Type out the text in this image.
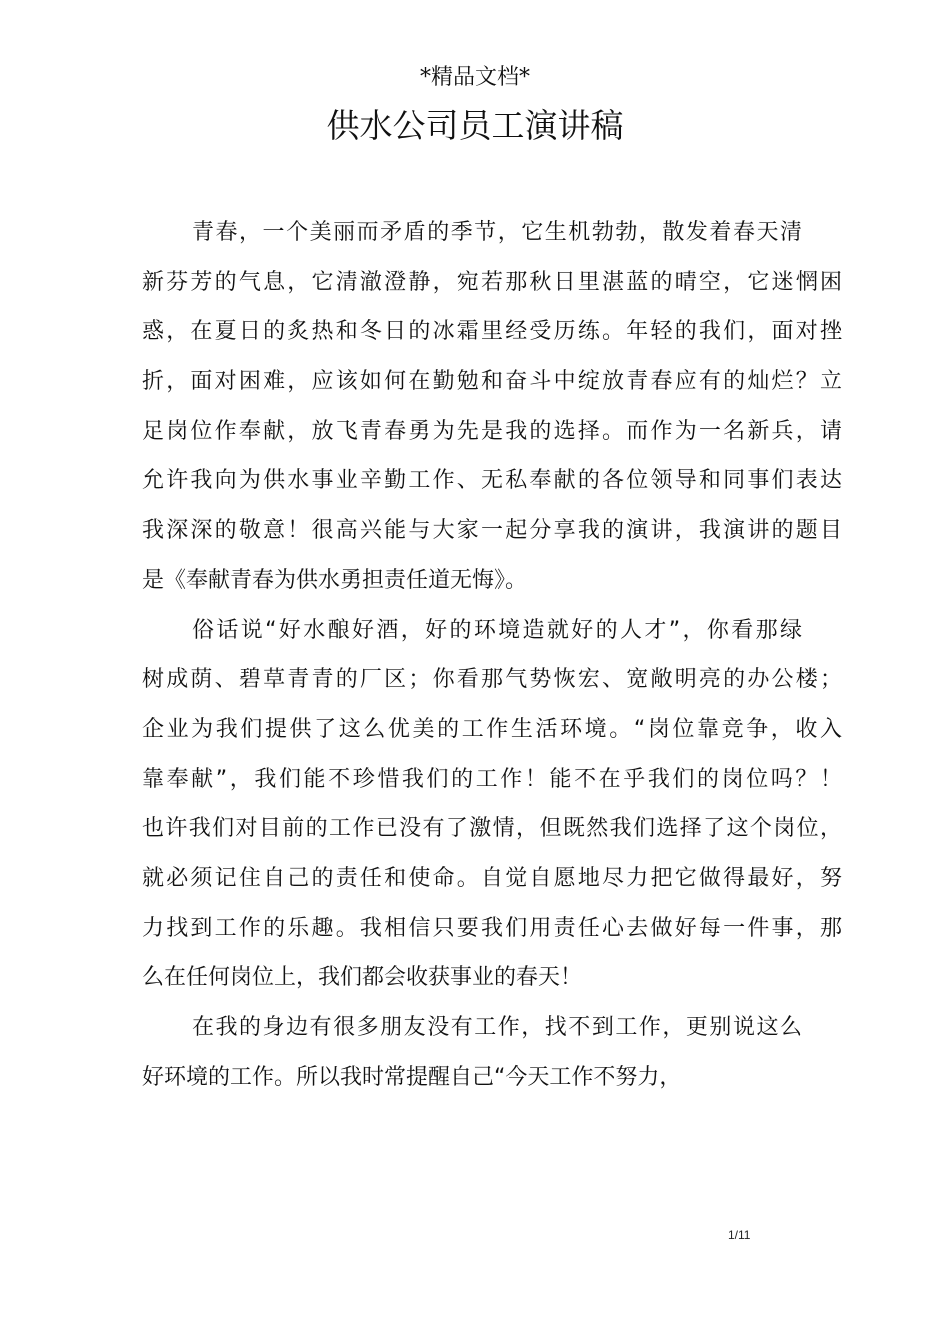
*精品文档*
供水公司员工演讲稿
青春，一个美丽而矛盾的季节，它生机勃勃，散发着春天清
新芬芳的气息，它清澈澄静，宛若那秋日里湛蓝的晴空，它迷惘困
惑，在夏日的炙热和冬日的冰霜里经受历练。年轻的我们，面对挫
折，面对困难，应该如何在勤勉和奋斗中绽放青春应有的灿烂？立
足岗位作奉献，放飞青春勇为先是我的选择。而作为一名新兵，请
允许我向为供水事业辛勤工作、无私奉献的各位领导和同事们表达
我深深的敬意！很高兴能与大家一起分享我的演讲，我演讲的题目
是《奉献青春为供水勇担责任道无悔》。
俗话说“好水酿好酒，好的环境造就好的人才”，你看那绿
树成荫、碧草青青的厂区；你看那气势恢宏、宽敞明亮的办公楼；
企业为我们提供了这么优美的工作生活环境。“岗位靠竞争，收入
靠奉献”，我们能不珍惜我们的工作！能不在乎我们的岗位吗？！
也许我们对目前的工作已没有了激情，但既然我们选择了这个岗位，
就必须记住自己的责任和使命。自觉自愿地尽力把它做得最好，努
力找到工作的乐趣。我相信只要我们用责任心去做好每一件事，那
么在任何岗位上，我们都会收获事业的春天！
在我的身边有很多朋友没有工作，找不到工作，更别说这么
好环境的工作。所以我时常提醒自己“今天工作不努力，
1/11
